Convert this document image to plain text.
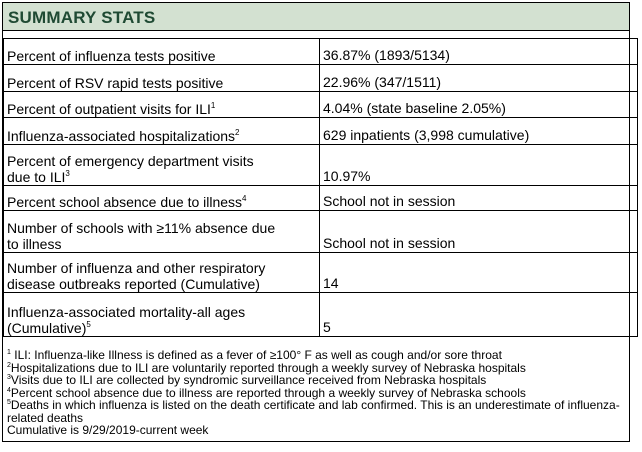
SUMMARY STATS
Percent of influenza tests positive	36.87% (1893/5134)
Percent of RSV rapid tests positive	22.96% (347/1511)
Percent of outpatient visits for ILI$^1$	4.04% (state baseline 2.05%)
Influenza-associated hospitalizations$^2$	629 inpatients (3,998 cumulative)
Percent of emergency department visits
due to ILI$^3$	10.97%
Percent school absence due to illness$^4$	School not in session
Number of schools with ≥11% absence due
to illness	School not in session
Number of influenza and other respiratory
disease outbreaks reported (Cumulative)	14
Influenza-associated mortality-all ages
(Cumulative)$^5$	5
$^1$ ILI: Influenza-like Illness is defined as a fever of ≥100° F as well as cough and/or sore throat
$^2$Hospitalizations due to ILI are voluntarily reported through a weekly survey of Nebraska hospitals
$^3$Visits due to ILI are collected by syndromic surveillance received from Nebraska hospitals
$^4$Percent school absence due to illness are reported through a weekly survey of Nebraska schools
$^5$Deaths in which influenza is listed on the death certificate and lab confirmed. This is an underestimate of influenza-related deaths
Cumulative is 9/29/2019-current week
